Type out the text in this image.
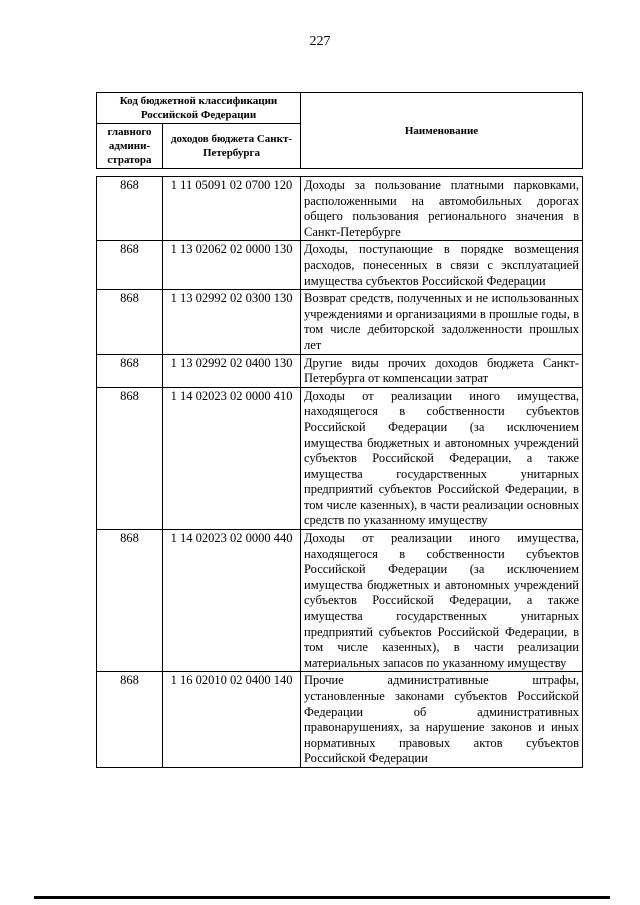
227
Код бюджетной классификации Российской Федерации		Наименование
главного админи-стратора	доходов бюджета Санкт-Петербурга	
868	1 11 05091 02 0700 120	Доходы за пользование платными парковками, расположенными на автомобильных дорогах общего пользования регионального значения в Санкт-Петербурге
868	1 13 02062 02 0000 130	Доходы, поступающие в порядке возмещения расходов, понесенных в связи с эксплуатацией имущества субъектов Российской Федерации
868	1 13 02992 02 0300 130	Возврат средств, полученных и не использованных учреждениями и организациями в прошлые годы, в том числе дебиторской задолженности прошлых лет
868	1 13 02992 02 0400 130	Другие виды прочих доходов бюджета Санкт-Петербурга от компенсации затрат
868	1 14 02023 02 0000 410	Доходы от реализации иного имущества, находящегося в собственности субъектов Российской Федерации (за исключением имущества бюджетных и автономных учреждений субъектов Российской Федерации, а также имущества государственных унитарных предприятий субъектов Российской Федерации, в том числе казенных), в части реализации основных средств по указанному имуществу
868	1 14 02023 02 0000 440	Доходы от реализации иного имущества, находящегося в собственности субъектов Российской Федерации (за исключением имущества бюджетных и автономных учреждений субъектов Российской Федерации, а также имущества государственных унитарных предприятий субъектов Российской Федерации, в том числе казенных), в части реализации материальных запасов по указанному имуществу
868	1 16 02010 02 0400 140	Прочие административные штрафы, установленные законами субъектов Российской Федерации об административных правонарушениях, за нарушение законов и иных нормативных правовых актов субъектов Российской Федерации
